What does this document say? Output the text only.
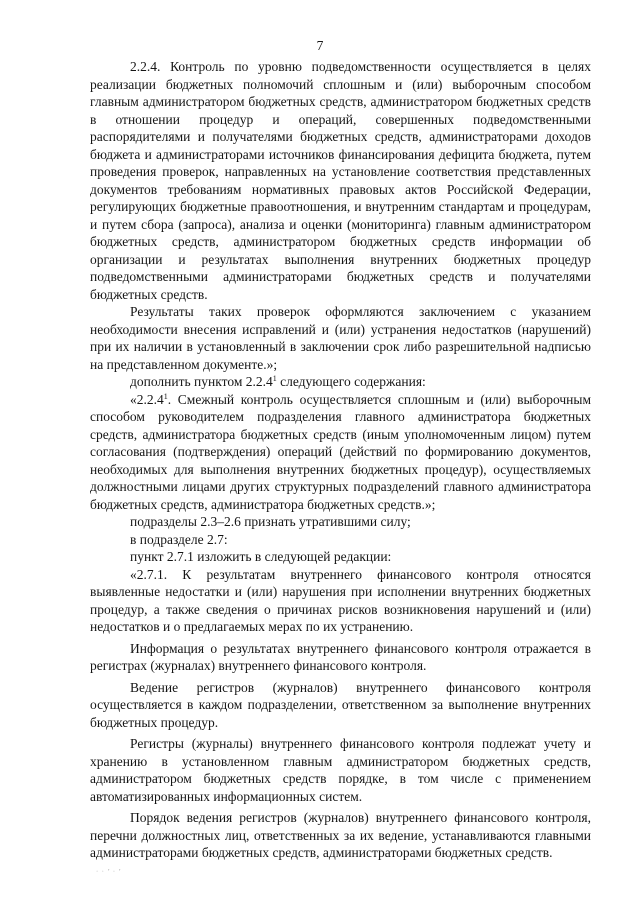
7

2.2.4. Контроль по уровню подведомственности осуществляется в целях реализации бюджетных полномочий сплошным и (или) выборочным способом главным администратором бюджетных средств, администратором бюджетных средств в отношении процедур и операций, совершенных подведомственными распорядителями и получателями бюджетных средств, администраторами доходов бюджета и администраторами источников финансирования дефицита бюджета, путем проведения проверок, направленных на установление соответствия представленных документов требованиям нормативных правовых актов Российской Федерации, регулирующих бюджетные правоотношения, и внутренним стандартам и процедурам, и путем сбора (запроса), анализа и оценки (мониторинга) главным администратором бюджетных средств, администратором бюджетных средств информации об организации и результатах выполнения внутренних бюджетных процедур подведомственными администраторами бюджетных средств и получателями бюджетных средств.

Результаты таких проверок оформляются заключением с указанием необходимости внесения исправлений и (или) устранения недостатков (нарушений) при их наличии в установленный в заключении срок либо разрешительной надписью на представленном документе.»;

дополнить пунктом 2.2.4$^1$ следующего содержания:

«2.2.4$^1$. Смежный контроль осуществляется сплошным и (или) выборочным способом руководителем подразделения главного администратора бюджетных средств, администратора бюджетных средств (иным уполномоченным лицом) путем согласования (подтверждения) операций (действий по формированию документов, необходимых для выполнения внутренних бюджетных процедур), осуществляемых должностными лицами других структурных подразделений главного администратора бюджетных средств, администратора бюджетных средств.»;

подразделы 2.3–2.6 признать утратившими силу;

в подразделе 2.7:

пункт 2.7.1 изложить в следующей редакции:

«2.7.1. К результатам внутреннего финансового контроля относятся выявленные недостатки и (или) нарушения при исполнении внутренних бюджетных процедур, а также сведения о причинах рисков возникновения нарушений и (или) недостатков и о предлагаемых мерах по их устранению.

Информация о результатах внутреннего финансового контроля отражается в регистрах (журналах) внутреннего финансового контроля.

Ведение регистров (журналов) внутреннего финансового контроля осуществляется в каждом подразделении, ответственном за выполнение внутренних бюджетных процедур.

Регистры (журналы) внутреннего финансового контроля подлежат учету и хранению в установленном главным администратором бюджетных средств, администратором бюджетных средств порядке, в том числе с применением автоматизированных информационных систем.

Порядок ведения регистров (журналов) внутреннего финансового контроля, перечни должностных лиц, ответственных за их ведение, устанавливаются главными администраторами бюджетных средств, администраторами бюджетных средств.

· · ’ · ’
